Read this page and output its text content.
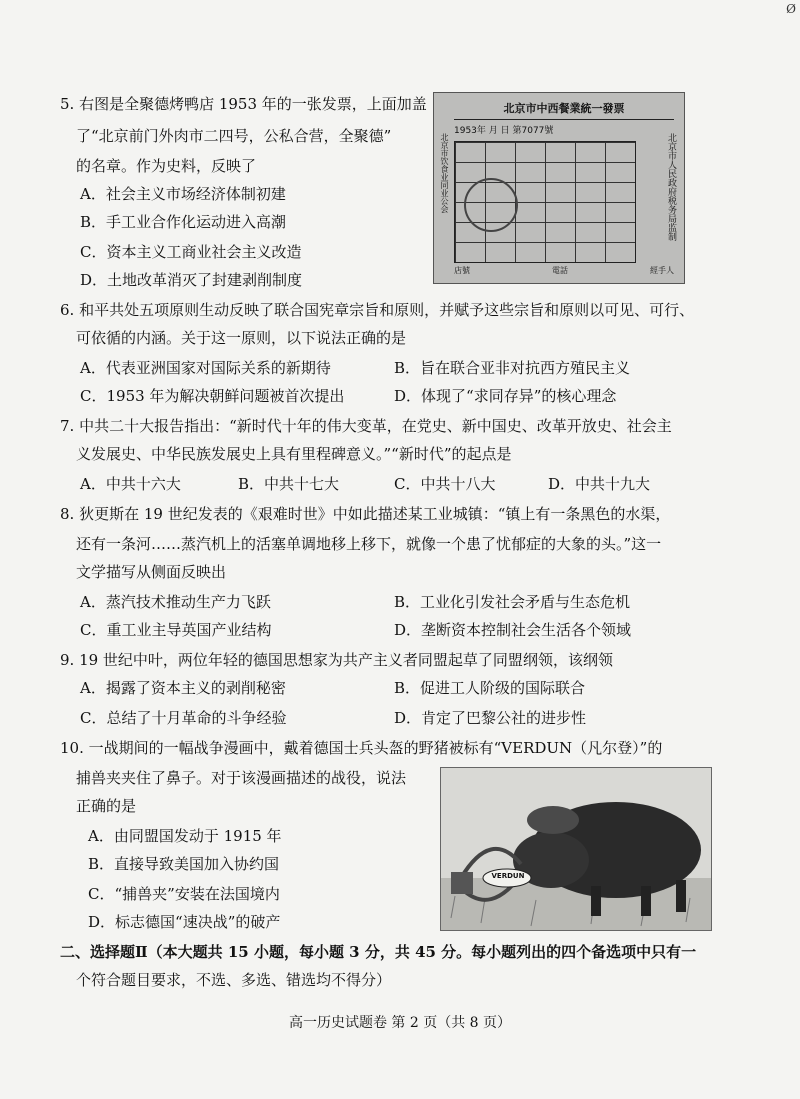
Ø
5. 右图是全聚德烤鸭店 1953 年的一张发票，上面加盖
了“北京前门外肉市二四号，公私合营，全聚德”
的名章。作为史料，反映了
A．社会主义市场经济体制初建
B．手工业合作化运动进入高潮
C．资本主义工商业社会主义改造
D．土地改革消灭了封建剥削制度
北京市中西餐業統一發票
1953年 月 日 第7077號
北京市饮食业同业公会	北京市人民政府税务局监制
店號	電話	經手人
6. 和平共处五项原则生动反映了联合国宪章宗旨和原则，并赋予这些宗旨和原则以可见、可行、
可依循的内涵。关于这一原则，以下说法正确的是
A．代表亚洲国家对国际关系的新期待	B．旨在联合亚非对抗西方殖民主义
C．1953 年为解决朝鲜问题被首次提出	D．体现了“求同存异”的核心理念
7. 中共二十大报告指出：“新时代十年的伟大变革，在党史、新中国史、改革开放史、社会主
义发展史、中华民族发展史上具有里程碑意义。”“新时代”的起点是
A．中共十六大	B．中共十七大	C．中共十八大	D．中共十九大
8. 狄更斯在 19 世纪发表的《艰难时世》中如此描述某工业城镇：“镇上有一条黑色的水渠，
还有一条河……蒸汽机上的活塞单调地移上移下，就像一个患了忧郁症的大象的头。”这一
文学描写从侧面反映出
A．蒸汽技术推动生产力飞跃	B．工业化引发社会矛盾与生态危机
C．重工业主导英国产业结构	D．垄断资本控制社会生活各个领域
9. 19 世纪中叶，两位年轻的德国思想家为共产主义者同盟起草了同盟纲领，该纲领
A．揭露了资本主义的剥削秘密	B．促进工人阶级的国际联合
C．总结了十月革命的斗争经验	D．肯定了巴黎公社的进步性
10. 一战期间的一幅战争漫画中，戴着德国士兵头盔的野猪被标有“VERDUN（凡尔登）”的
捕兽夹夹住了鼻子。对于该漫画描述的战役，说法
正确的是
A．由同盟国发动于 1915 年
B．直接导致美国加入协约国
C．“捕兽夹”安装在法国境内
D．标志德国“速决战”的破产
VERDUN
二、选择题Ⅱ（本大题共 15 小题，每小题 3 分，共 45 分。每小题列出的四个备选项中只有一
个符合题目要求，不选、多选、错选均不得分）
高一历史试题卷 第 2 页（共 8 页）
